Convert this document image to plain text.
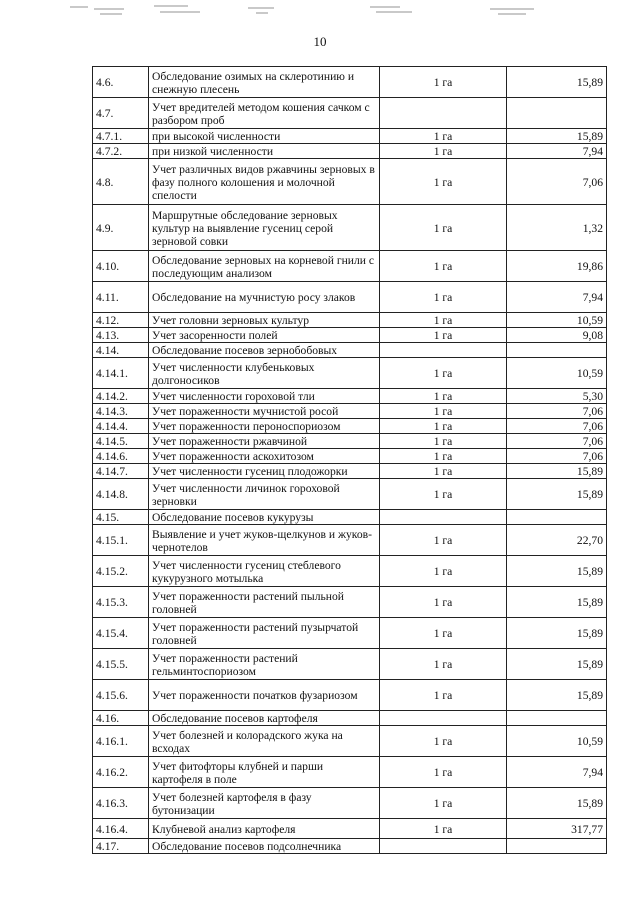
10
4.6.	Обследование озимых на склеротинию и снежную плесень	1 га	15,89
4.7.	Учет вредителей методом кошения сачком с разбором проб		
4.7.1.	при высокой численности	1 га	15,89
4.7.2.	при низкой численности	1 га	7,94
4.8.	Учет различных видов ржавчины зерновых в фазу полного колошения и молочной спелости	1 га	7,06
4.9.	Маршрутные обследование зерновых культур на выявление гусениц серой зерновой совки	1 га	1,32
4.10.	Обследование зерновых на корневой гнили с последующим анализом	1 га	19,86
4.11.	Обследование на мучнистую росу злаков	1 га	7,94
4.12.	Учет головни зерновых культур	1 га	10,59
4.13.	Учет засоренности полей	1 га	9,08
4.14.	Обследование посевов зернобобовых		
4.14.1.	Учет численности клубеньковых долгоносиков	1 га	10,59
4.14.2.	Учет численности гороховой тли	1 га	5,30
4.14.3.	Учет пораженности мучнистой росой	1 га	7,06
4.14.4.	Учет пораженности пероноспориозом	1 га	7,06
4.14.5.	Учет пораженности ржавчиной	1 га	7,06
4.14.6.	Учет пораженности аскохитозом	1 га	7,06
4.14.7.	Учет численности гусениц плодожорки	1 га	15,89
4.14.8.	Учет численности личинок гороховой зерновки	1 га	15,89
4.15.	Обследование посевов кукурузы		
4.15.1.	Выявление и учет жуков-щелкунов и жуков-чернотелов	1 га	22,70
4.15.2.	Учет численности гусениц стеблевого кукурузного мотылька	1 га	15,89
4.15.3.	Учет пораженности растений пыльной головней	1 га	15,89
4.15.4.	Учет пораженности растений пузырчатой головней	1 га	15,89
4.15.5.	Учет пораженности растений гельминтоспориозом	1 га	15,89
4.15.6.	Учет пораженности початков фузариозом	1 га	15,89
4.16.	Обследование посевов картофеля		
4.16.1.	Учет болезней и колорадского жука на всходах	1 га	10,59
4.16.2.	Учет фитофторы клубней и парши картофеля в поле	1 га	7,94
4.16.3.	Учет болезней картофеля в фазу бутонизации	1 га	15,89
4.16.4.	Клубневой анализ картофеля	1 га	317,77
4.17.	Обследование посевов подсолнечника		
